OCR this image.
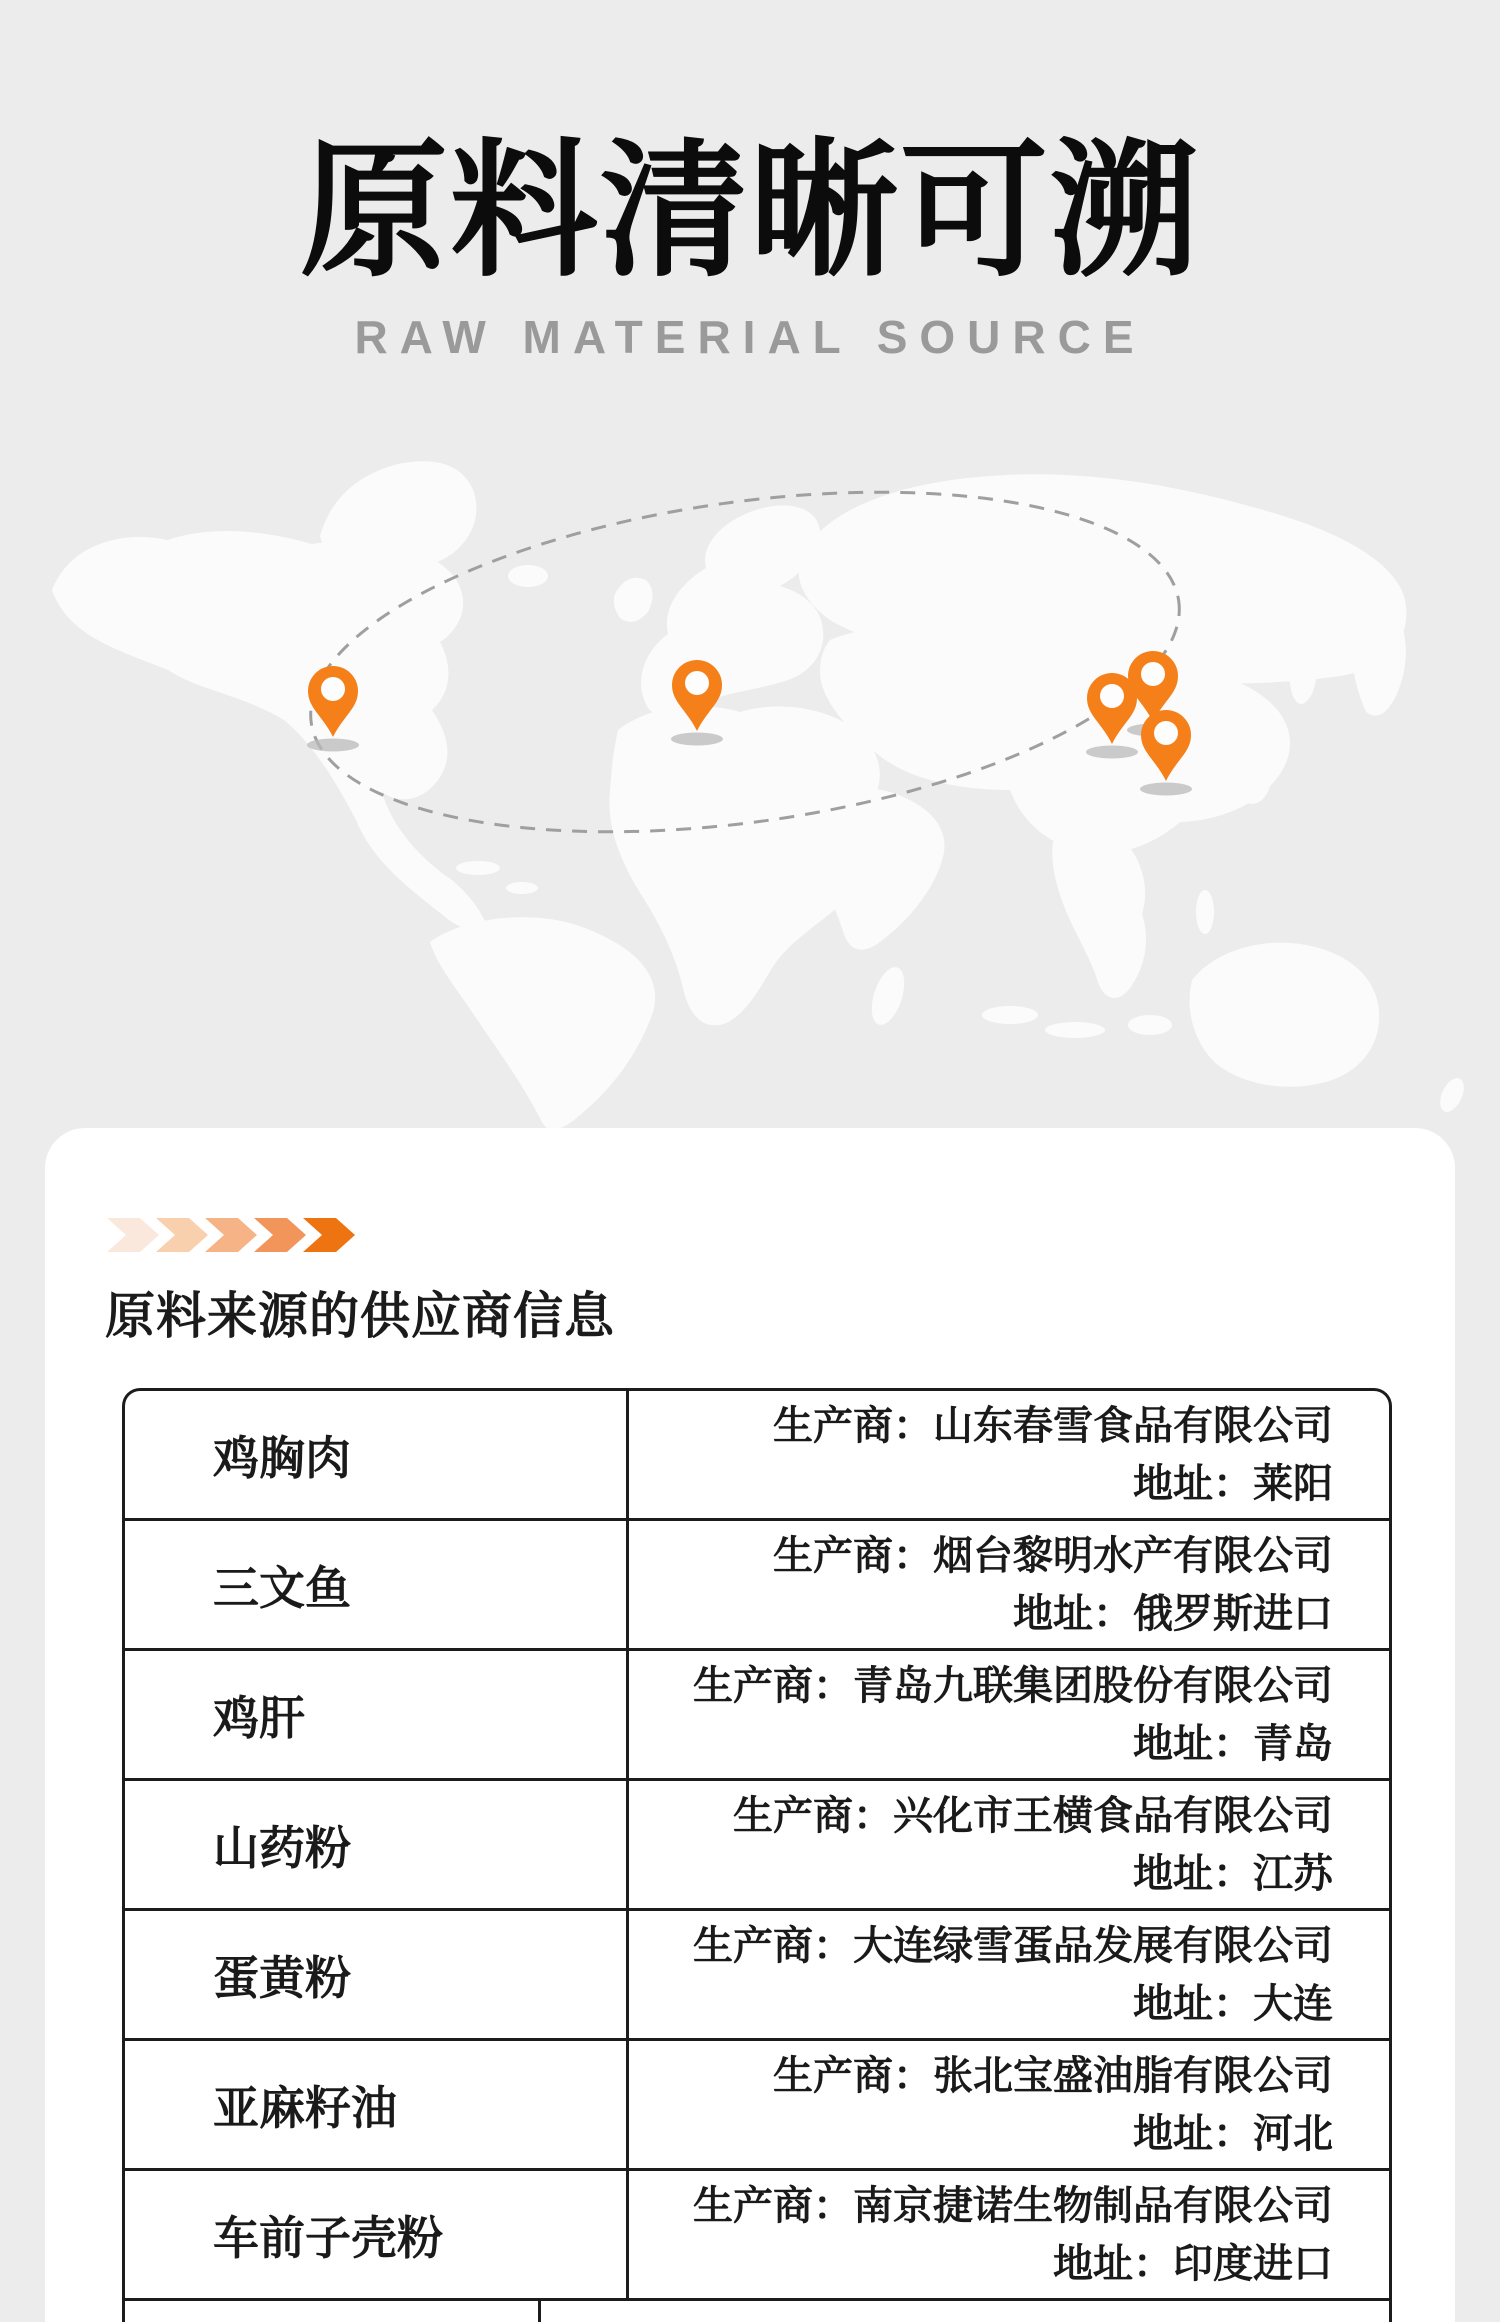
原料清晰可溯
RAW MATERIAL SOURCE
原料来源的供应商信息
鸡胸肉
生产商：山东春雪食品有限公司
地址：莱阳
三文鱼
生产商：烟台黎明水产有限公司
地址：俄罗斯进口
鸡肝
生产商：青岛九联集团股份有限公司
地址：青岛
山药粉
生产商：兴化市王横食品有限公司
地址：江苏
蛋黄粉
生产商：大连绿雪蛋品发展有限公司
地址：大连
亚麻籽油
生产商：张北宝盛油脂有限公司
地址：河北
车前子壳粉
生产商：南京捷诺生物制品有限公司
地址：印度进口
